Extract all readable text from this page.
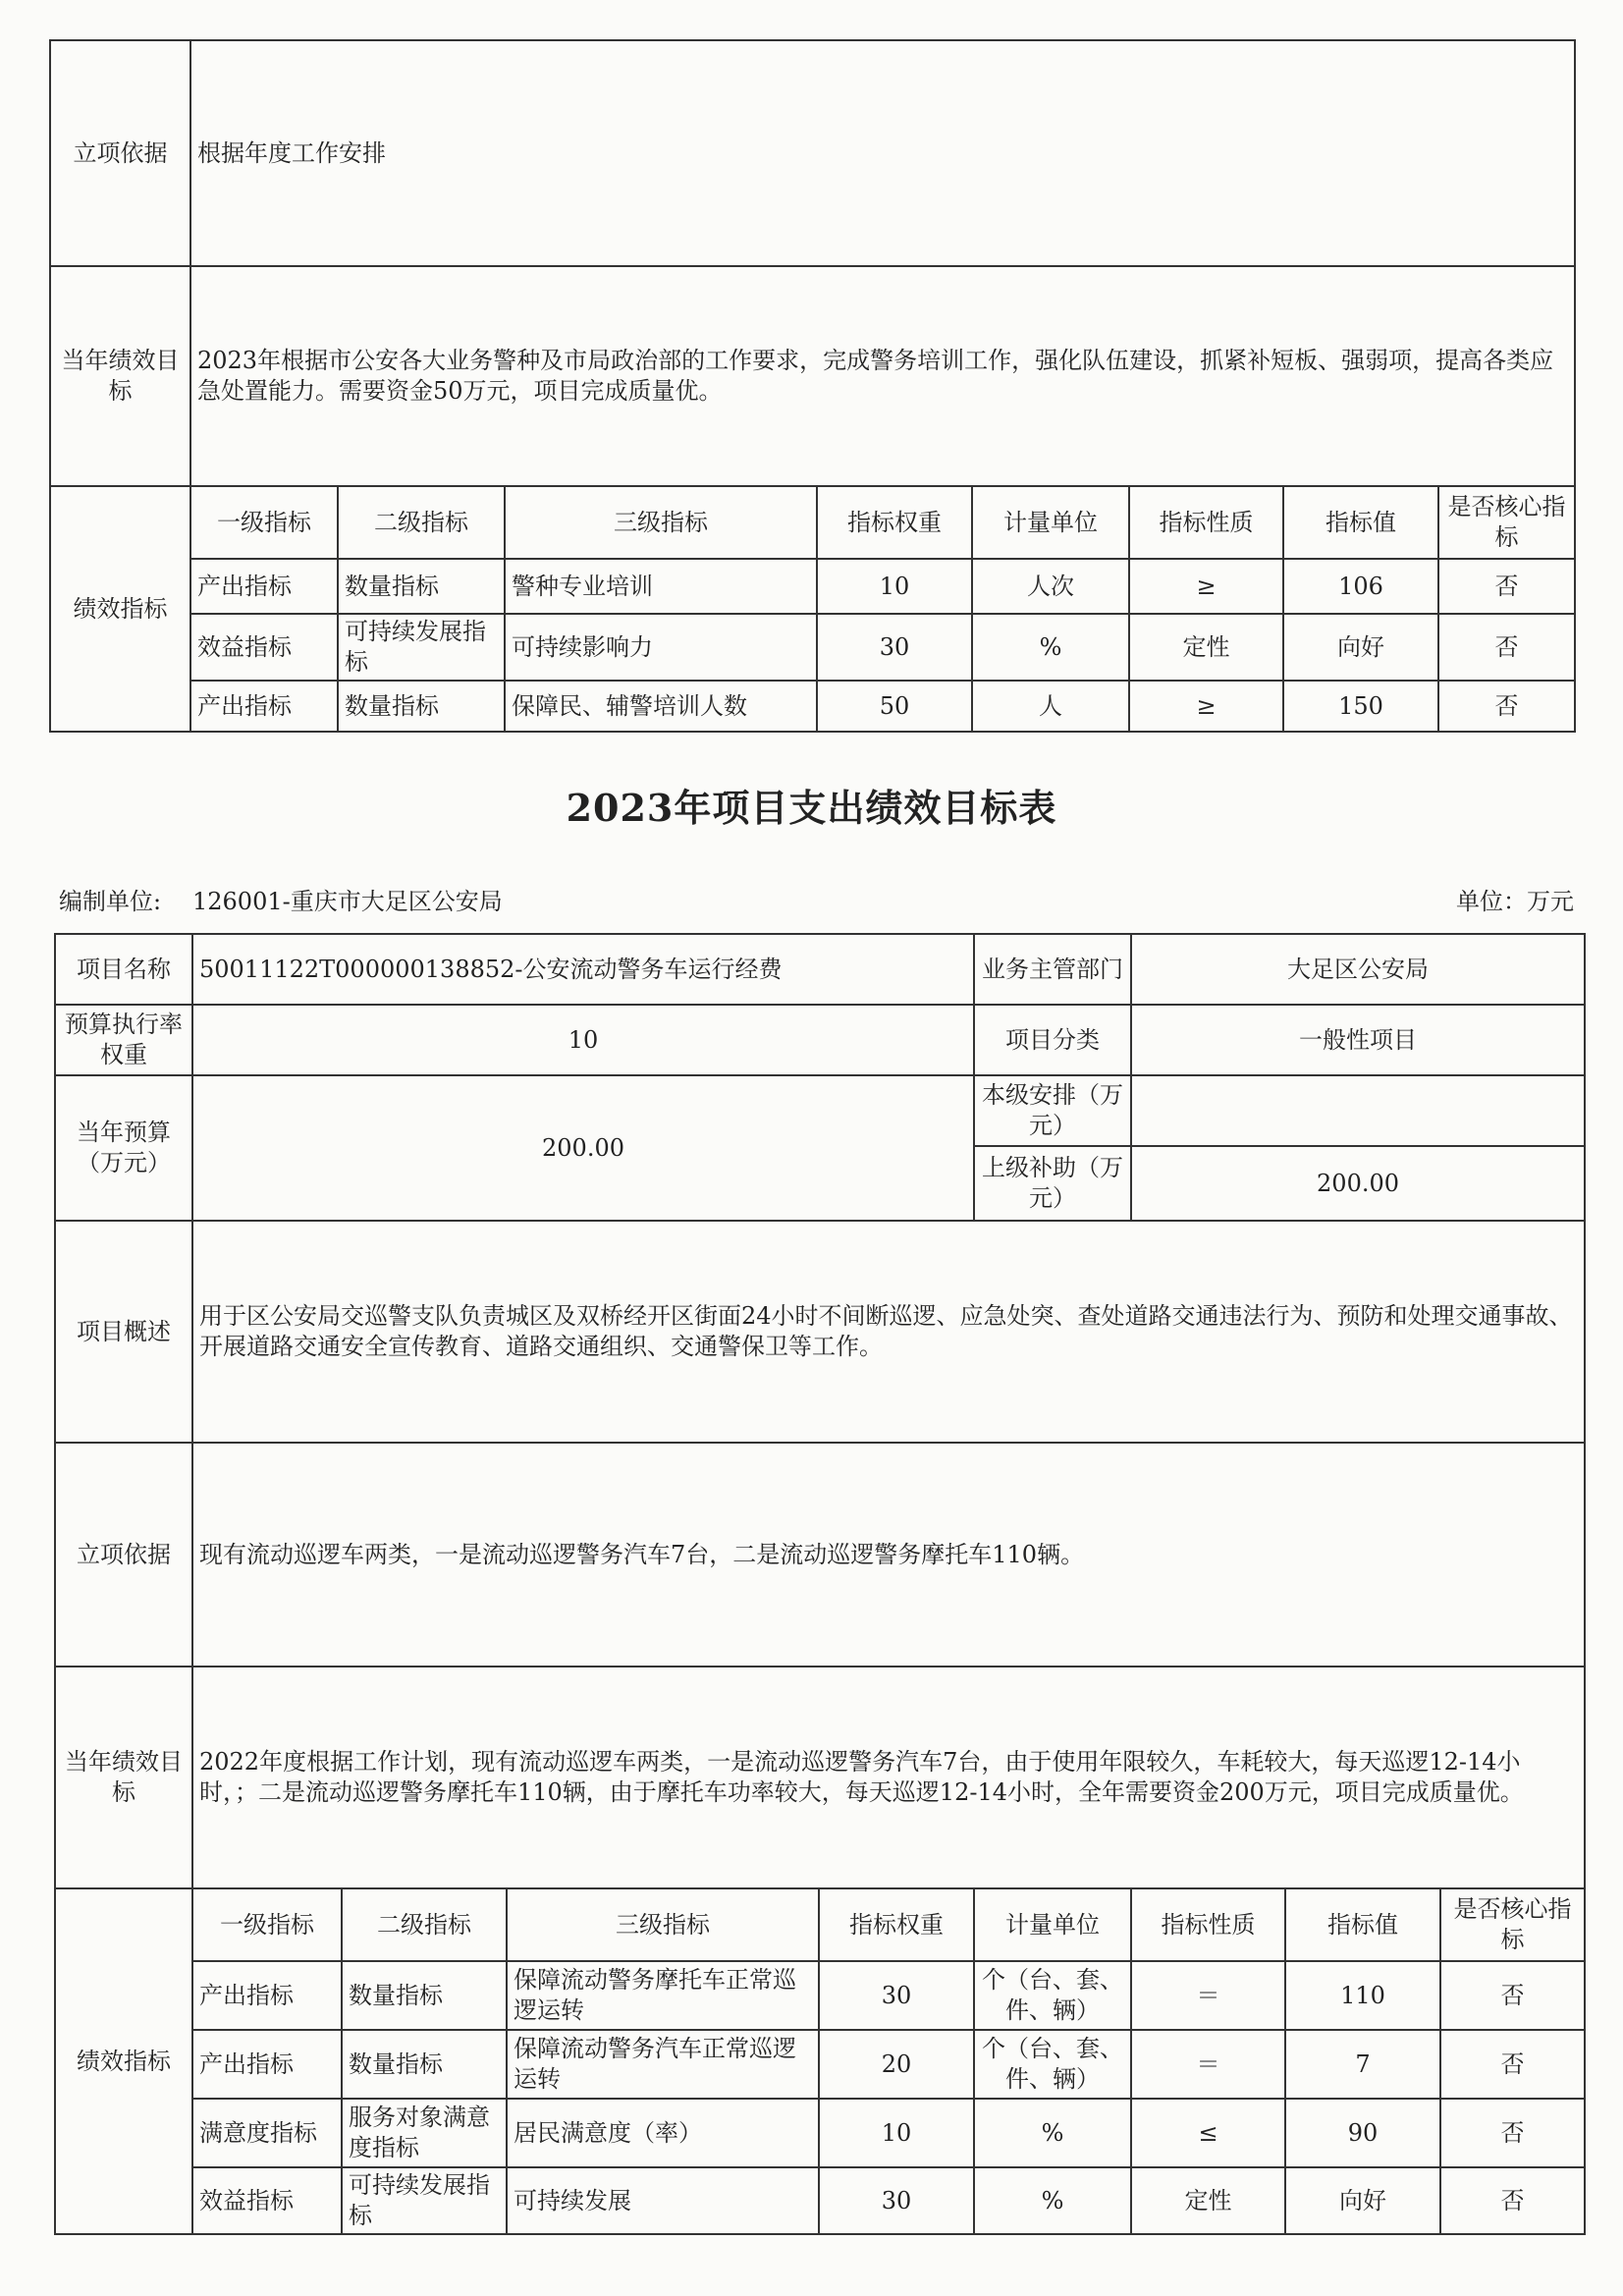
立项依据	根据年度工作安排							
当年绩效目标	2023年根据市公安各大业务警种及市局政治部的工作要求，完成警务培训工作，强化队伍建设，抓紧补短板、强弱项，提高各类应急处置能力。需要资金50万元，项目完成质量优。							
绩效指标	一级指标	二级指标	三级指标	指标权重	计量单位	指标性质	指标值	是否核心指标
	产出指标	数量指标	警种专业培训	10	人次	≥	106	否
	效益指标	可持续发展指标	可持续影响力	30	%	定性	向好	否
	产出指标	数量指标	保障民、辅警培训人数	50	人	≥	150	否
2023年项目支出绩效目标表
编制单位: 126001-重庆市大足区公安局	单位：万元
项目名称	50011122T000000138852-公安流动警务车运行经费				业务主管部门	大足区公安局		
预算执行率权重	10				项目分类	一般性项目		
当年预算（万元）	200.00				本级安排（万元）			
					上级补助（万元）	200.00		
项目概述	用于区公安局交巡警支队负责城区及双桥经开区街面24小时不间断巡逻、应急处突、查处道路交通违法行为、预防和处理交通事故、开展道路交通安全宣传教育、道路交通组织、交通警保卫等工作。							
立项依据	现有流动巡逻车两类，一是流动巡逻警务汽车7台，二是流动巡逻警务摩托车110辆。							
当年绩效目标	2022年度根据工作计划，现有流动巡逻车两类，一是流动巡逻警务汽车7台，由于使用年限较久，车耗较大，每天巡逻12-14小时，；二是流动巡逻警务摩托车110辆，由于摩托车功率较大，每天巡逻12-14小时，全年需要资金200万元，项目完成质量优。							
绩效指标	一级指标	二级指标	三级指标	指标权重	计量单位	指标性质	指标值	是否核心指标
	产出指标	数量指标	保障流动警务摩托车正常巡逻运转	30	个（台、套、件、辆）	＝	110	否
	产出指标	数量指标	保障流动警务汽车正常巡逻运转	20	个（台、套、件、辆）	＝	7	否
	满意度指标	服务对象满意度指标	居民满意度（率）	10	%	≤	90	否
	效益指标	可持续发展指标	可持续发展	30	%	定性	向好	否
